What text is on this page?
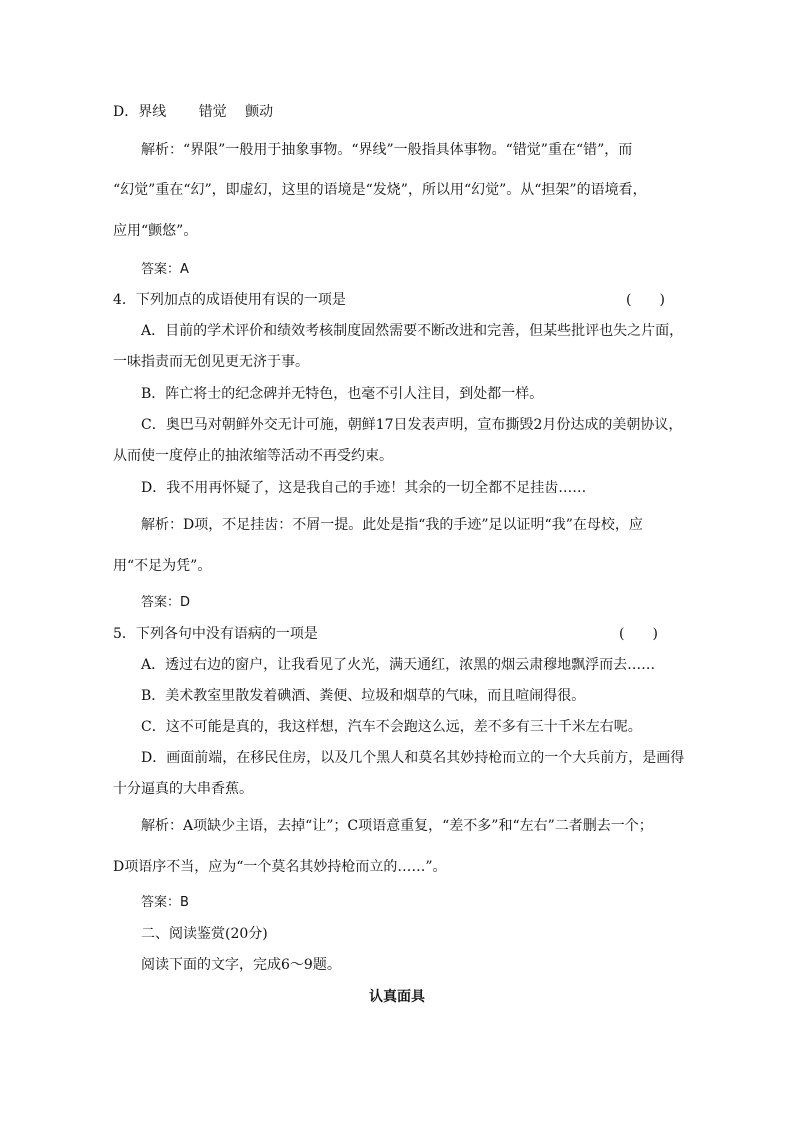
D．界线　　 错觉　 颤动
解析：“界限”一般用于抽象事物。“界线”一般指具体事物。“错觉”重在“错”，而
“幻觉”重在“幻”，即虚幻，这里的语境是“发烧”，所以用“幻觉”。从“担架”的语境看，
应用“颤悠”。
答案：A
4．下列加点的成语使用有误的一项是	(　　)
A．目前的学术评价和绩效考核制度固然需要不断改进和完善，但某些批评也失之片面，
一味指责而无创见更无济于事。
B．阵亡将士的纪念碑并无特色，也毫不引人注目，到处都一样。
C．奥巴马对朝鲜外交无计可施，朝鲜17日发表声明，宣布撕毁2月份达成的美朝协议，
从而使一度停止的抽浓缩等活动不再受约束。
D．我不用再怀疑了，这是我自己的手迹！其余的一切全都不足挂齿……
解析：D项，不足挂齿：不屑一提。此处是指“我的手迹”足以证明“我”在母校，应
用“不足为凭”。
答案：D
5．下列各句中没有语病的一项是	(　　)
A．透过右边的窗户，让我看见了火光，满天通红，浓黑的烟云肃穆地飘浮而去……
B．美术教室里散发着碘酒、粪便、垃圾和烟草的气味，而且喧闹得很。
C．这不可能是真的，我这样想，汽车不会跑这么远，差不多有三十千米左右呢。
D．画面前端，在移民住房，以及几个黑人和莫名其妙持枪而立的一个大兵前方，是画得
十分逼真的大串香蕉。
解析：A项缺少主语，去掉“让”；C项语意重复，“差不多”和“左右”二者删去一个；
D项语序不当，应为“一个莫名其妙持枪而立的……”。
答案：B
二、阅读鉴赏(20分)
阅读下面的文字，完成6～9题。
认真面具
